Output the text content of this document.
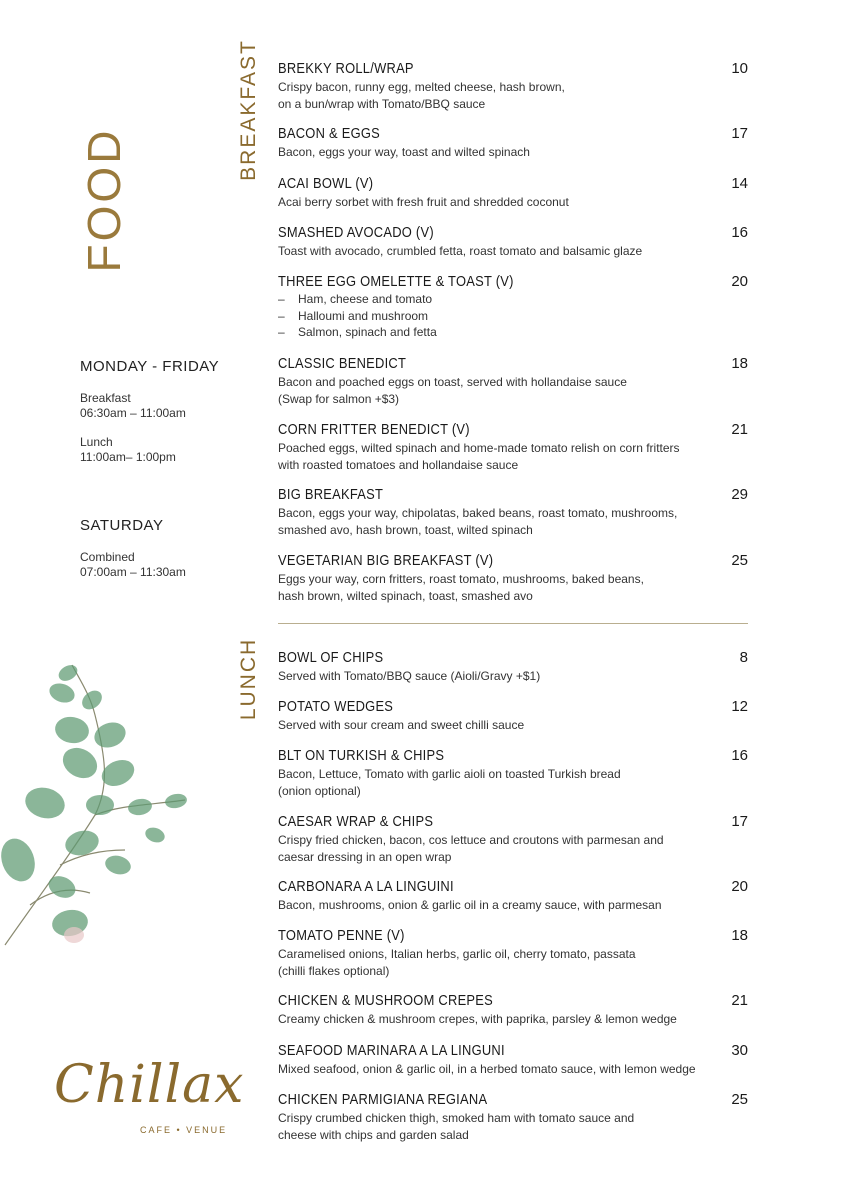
FOOD
BREAKFAST
LUNCH
MONDAY - FRIDAY
Breakfast
06:30am – 11:00am
Lunch
11:00am– 1:00pm
SATURDAY
Combined
07:00am – 11:30am
BREKKY ROLL/WRAP	10
Crispy bacon, runny egg, melted cheese, hash brown,
on a bun/wrap with Tomato/BBQ sauce
BACON & EGGS	17
Bacon, eggs your way, toast and wilted spinach
ACAI BOWL (V)	14
Acai berry sorbet with fresh fruit and shredded coconut
SMASHED AVOCADO (V)	16
Toast with avocado, crumbled fetta, roast tomato and balsamic glaze
THREE EGG OMELETTE & TOAST (V)	20
– Ham, cheese and tomato
– Halloumi and mushroom
– Salmon, spinach and fetta
CLASSIC BENEDICT	18
Bacon and poached eggs on toast, served with hollandaise sauce
(Swap for salmon +$3)
CORN FRITTER BENEDICT (V)	21
Poached eggs, wilted spinach and home-made tomato relish on corn fritters
with roasted tomatoes and hollandaise sauce
BIG BREAKFAST	29
Bacon, eggs your way, chipolatas, baked beans, roast tomato, mushrooms,
smashed avo, hash brown, toast, wilted spinach
VEGETARIAN BIG BREAKFAST (V)	25
Eggs your way, corn fritters, roast tomato, mushrooms, baked beans,
hash brown, wilted spinach, toast, smashed avo
BOWL OF CHIPS	8
Served with Tomato/BBQ sauce (Aioli/Gravy +$1)
POTATO WEDGES	12
Served with sour cream and sweet chilli sauce
BLT ON TURKISH & CHIPS	16
Bacon, Lettuce, Tomato with garlic aioli on toasted Turkish bread
(onion optional)
CAESAR WRAP & CHIPS	17
Crispy fried chicken, bacon, cos lettuce and croutons with parmesan and
caesar dressing in an open wrap
CARBONARA A LA LINGUINI	20
Bacon, mushrooms, onion & garlic oil in a creamy sauce, with parmesan
TOMATO PENNE (V)	18
Caramelised onions, Italian herbs, garlic oil, cherry tomato, passata
(chilli flakes optional)
CHICKEN & MUSHROOM CREPES	21
Creamy chicken & mushroom crepes, with paprika, parsley & lemon wedge
SEAFOOD MARINARA A LA LINGUNI	30
Mixed seafood, onion & garlic oil, in a herbed tomato sauce, with lemon wedge
CHICKEN PARMIGIANA REGIANA	25
Crispy crumbed chicken thigh, smoked ham with tomato sauce and
cheese with chips and garden salad
Chillax
CAFE • VENUE
